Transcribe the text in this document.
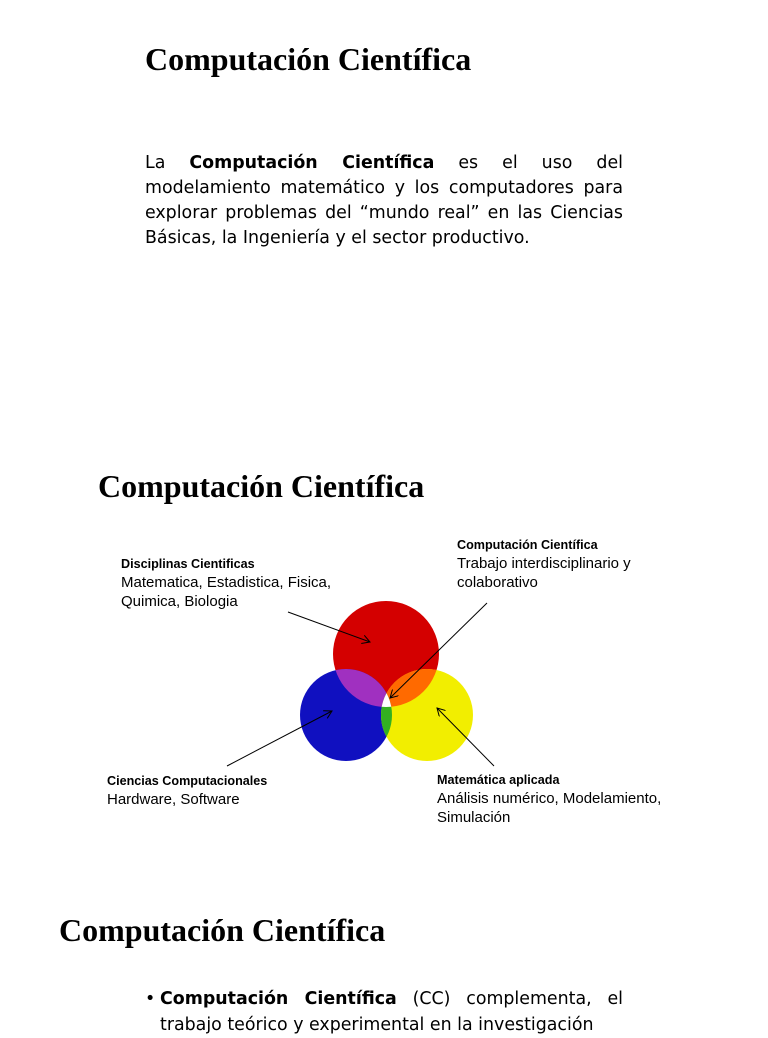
Computación Científica

La Computación Científica es el uso del modelamiento matemático y los computadores para explorar problemas del “mundo real” en las Ciencias Básicas, la Ingeniería y el sector productivo.

Computación Científica

Disciplinas Cientificas

Matematica, Estadistica, Fisica,

Quimica, Biologia

Computación Científica

Trabajo interdisciplinario y

colaborativo

Ciencias Computacionales

Hardware, Software

Matemática aplicada

Análisis numérico, Modelamiento,

Simulación

Computación Científica
• Computación Científica (CC) complementa, el trabajo teórico y experimental en la investigación
